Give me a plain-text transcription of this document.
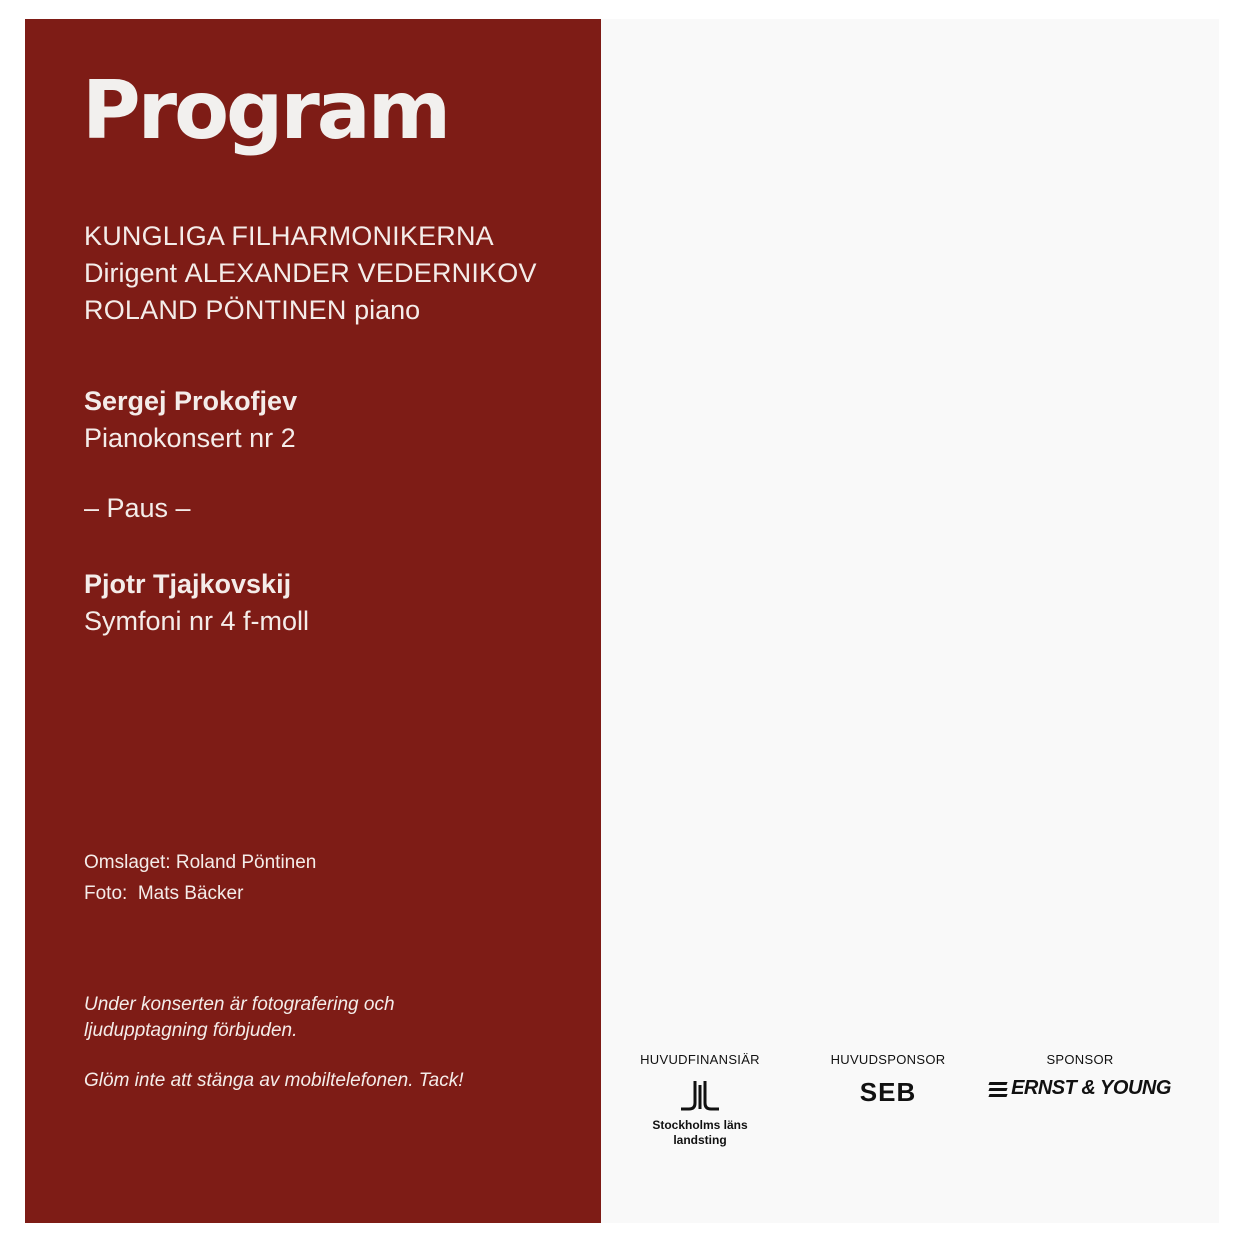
Program
KUNGLIGA FILHARMONIKERNA
Dirigent ALEXANDER VEDERNIKOV
ROLAND PÖNTINEN piano
Sergej Prokofjev
Pianokonsert nr 2
– Paus –
Pjotr Tjajkovskij
Symfoni nr 4 f-moll
Omslaget: Roland Pöntinen
Foto:  Mats Bäcker

Under konserten är fotografering och

ljudupptagning förbjuden.

Glöm inte att stänga av mobiltelefonen. Tack!

HUVUDFINANSIÄR
Stockholms läns
landsting
HUVUDSPONSOR
SEB
SPONSOR
ERNST & YOUNG
